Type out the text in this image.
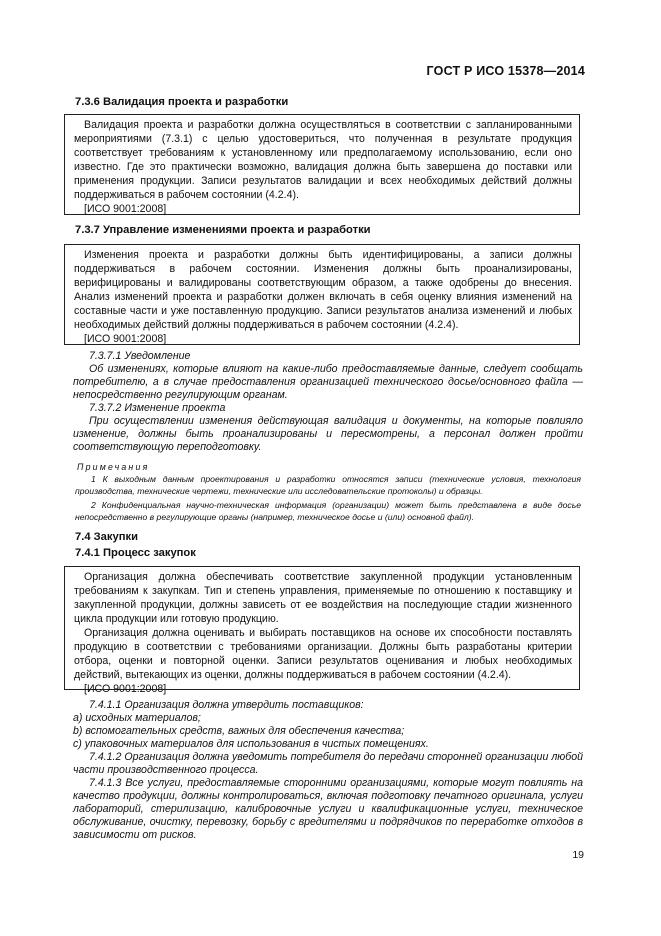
ГОСТ Р ИСО 15378—2014
7.3.6 Валидация проекта и разработки

Валидация проекта и разработки должна осуществляться в соответствии с запланированными мероприятиями (7.3.1) с целью удостовериться, что полученная в результате продукция соответствует требованиям к установленному или предполагаемому использованию, если оно известно. Где это практически возможно, валидация должна быть завершена до поставки или применения продукции. Записи результатов валидации и всех необходимых действий должны поддерживаться в рабочем состоянии (4.2.4).

[ИСО 9001:2008]

7.3.7 Управление изменениями проекта и разработки

Изменения проекта и разработки должны быть идентифицированы, а записи должны поддерживаться в рабочем состоянии. Изменения должны быть проанализированы, верифицированы и валидированы соответствующим образом, а также одобрены до внесения. Анализ изменений проекта и разработки должен включать в себя оценку влияния изменений на составные части и уже поставленную продукцию. Записи результатов анализа изменений и любых необходимых действий должны поддерживаться в рабочем состоянии (4.2.4).

[ИСО 9001:2008]

7.3.7.1 Уведомление

Об изменениях, которые влияют на какие-либо предоставляемые данные, следует сообщать потребителю, а в случае предоставления организацией технического досье/основного файла — непосредственно регулирующим органам.

7.3.7.2 Изменение проекта

При осуществлении изменения действующая валидация и документы, на которые повлияло изменение, должны быть проанализированы и пересмотрены, а персонал должен пройти соответствующую переподготовку.

Примечания

1 К выходным данным проектирования и разработки относятся записи (технические условия, технология производства, технические чертежи, технические или исследовательские протоколы) и образцы.

2 Конфиденциальная научно-техническая информация (организации) может быть представлена в виде досье непосредственно в регулирующие органы (например, техническое досье и (или) основной файл).

7.4 Закупки
7.4.1 Процесс закупок

Организация должна обеспечивать соответствие закупленной продукции установленным требованиям к закупкам. Тип и степень управления, применяемые по отношению к поставщику и закупленной продукции, должны зависеть от ее воздействия на последующие стадии жизненного цикла продукции или готовую продукцию.

Организация должна оценивать и выбирать поставщиков на основе их способности поставлять продукцию в соответствии с требованиями организации. Должны быть разработаны критерии отбора, оценки и повторной оценки. Записи результатов оценивания и любых необходимых действий, вытекающих из оценки, должны поддерживаться в рабочем состоянии (4.2.4).

[ИСО 9001:2008]

7.4.1.1 Организация должна утвердить поставщиков:

a) исходных материалов;

b) вспомогательных средств, важных для обеспечения качества;

c) упаковочных материалов для использования в чистых помещениях.

7.4.1.2 Организация должна уведомить потребителя до передачи сторонней организации любой части производственного процесса.

7.4.1.3 Все услуги, предоставляемые сторонними организациями, которые могут повлиять на качество продукции, должны контролироваться, включая подготовку печатного оригинала, услуги лабораторий, стерилизацию, калибровочные услуги и квалификационные услуги, техническое обслуживание, очистку, перевозку, борьбу с вредителями и подрядчиков по переработке отходов в зависимости от рисков.

19
